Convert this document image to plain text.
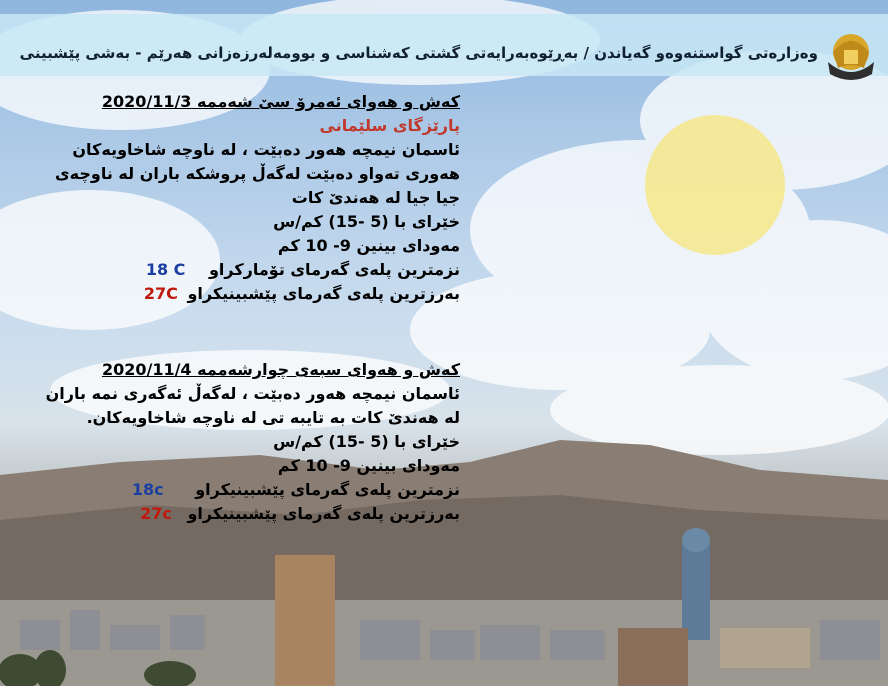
وەزارەتی گواستنەوەو گەیاندن / بەڕێوەبەرایەتی گشتی کەشناسی و بوومەلەرزەزانی هەرێم - بەشی پێشبینی
کەش و هەوای ئەمرۆ سێ شەممە 2020/11/3
پارێزگای سلێمانی
ئاسمان نیمچە هەور دەبێت ، لە ناوچە شاخاویەکان
هەوری تەواو دەبێت لەگەڵ پروشکە باران لە ناوچەی
جیا جیا لە هەندێ کات
خێرای با (5 -15) کم/س
مەودای بینین 9- 10 کم
نزمترین پلەی گەرمای تۆمارکراو 18 C
بەرزترین پلەی گەرمای پێشبینیکراو 27C
کەش و هەوای سبەی چوارشەممە 2020/11/4
ئاسمان نیمچە هەور دەبێت ، لەگەڵ ئەگەری نمە باران
لە هەندێ کات بە تایبە تی لە ناوچە شاخاویەکان.
خێرای با (5 -15) کم/س
مەودای بینین 9- 10 کم
نزمترین پلەی گەرمای پێشبینیکراو 18c
بەرزترین پلەی گەرمای پێشبینیکراو 27c
